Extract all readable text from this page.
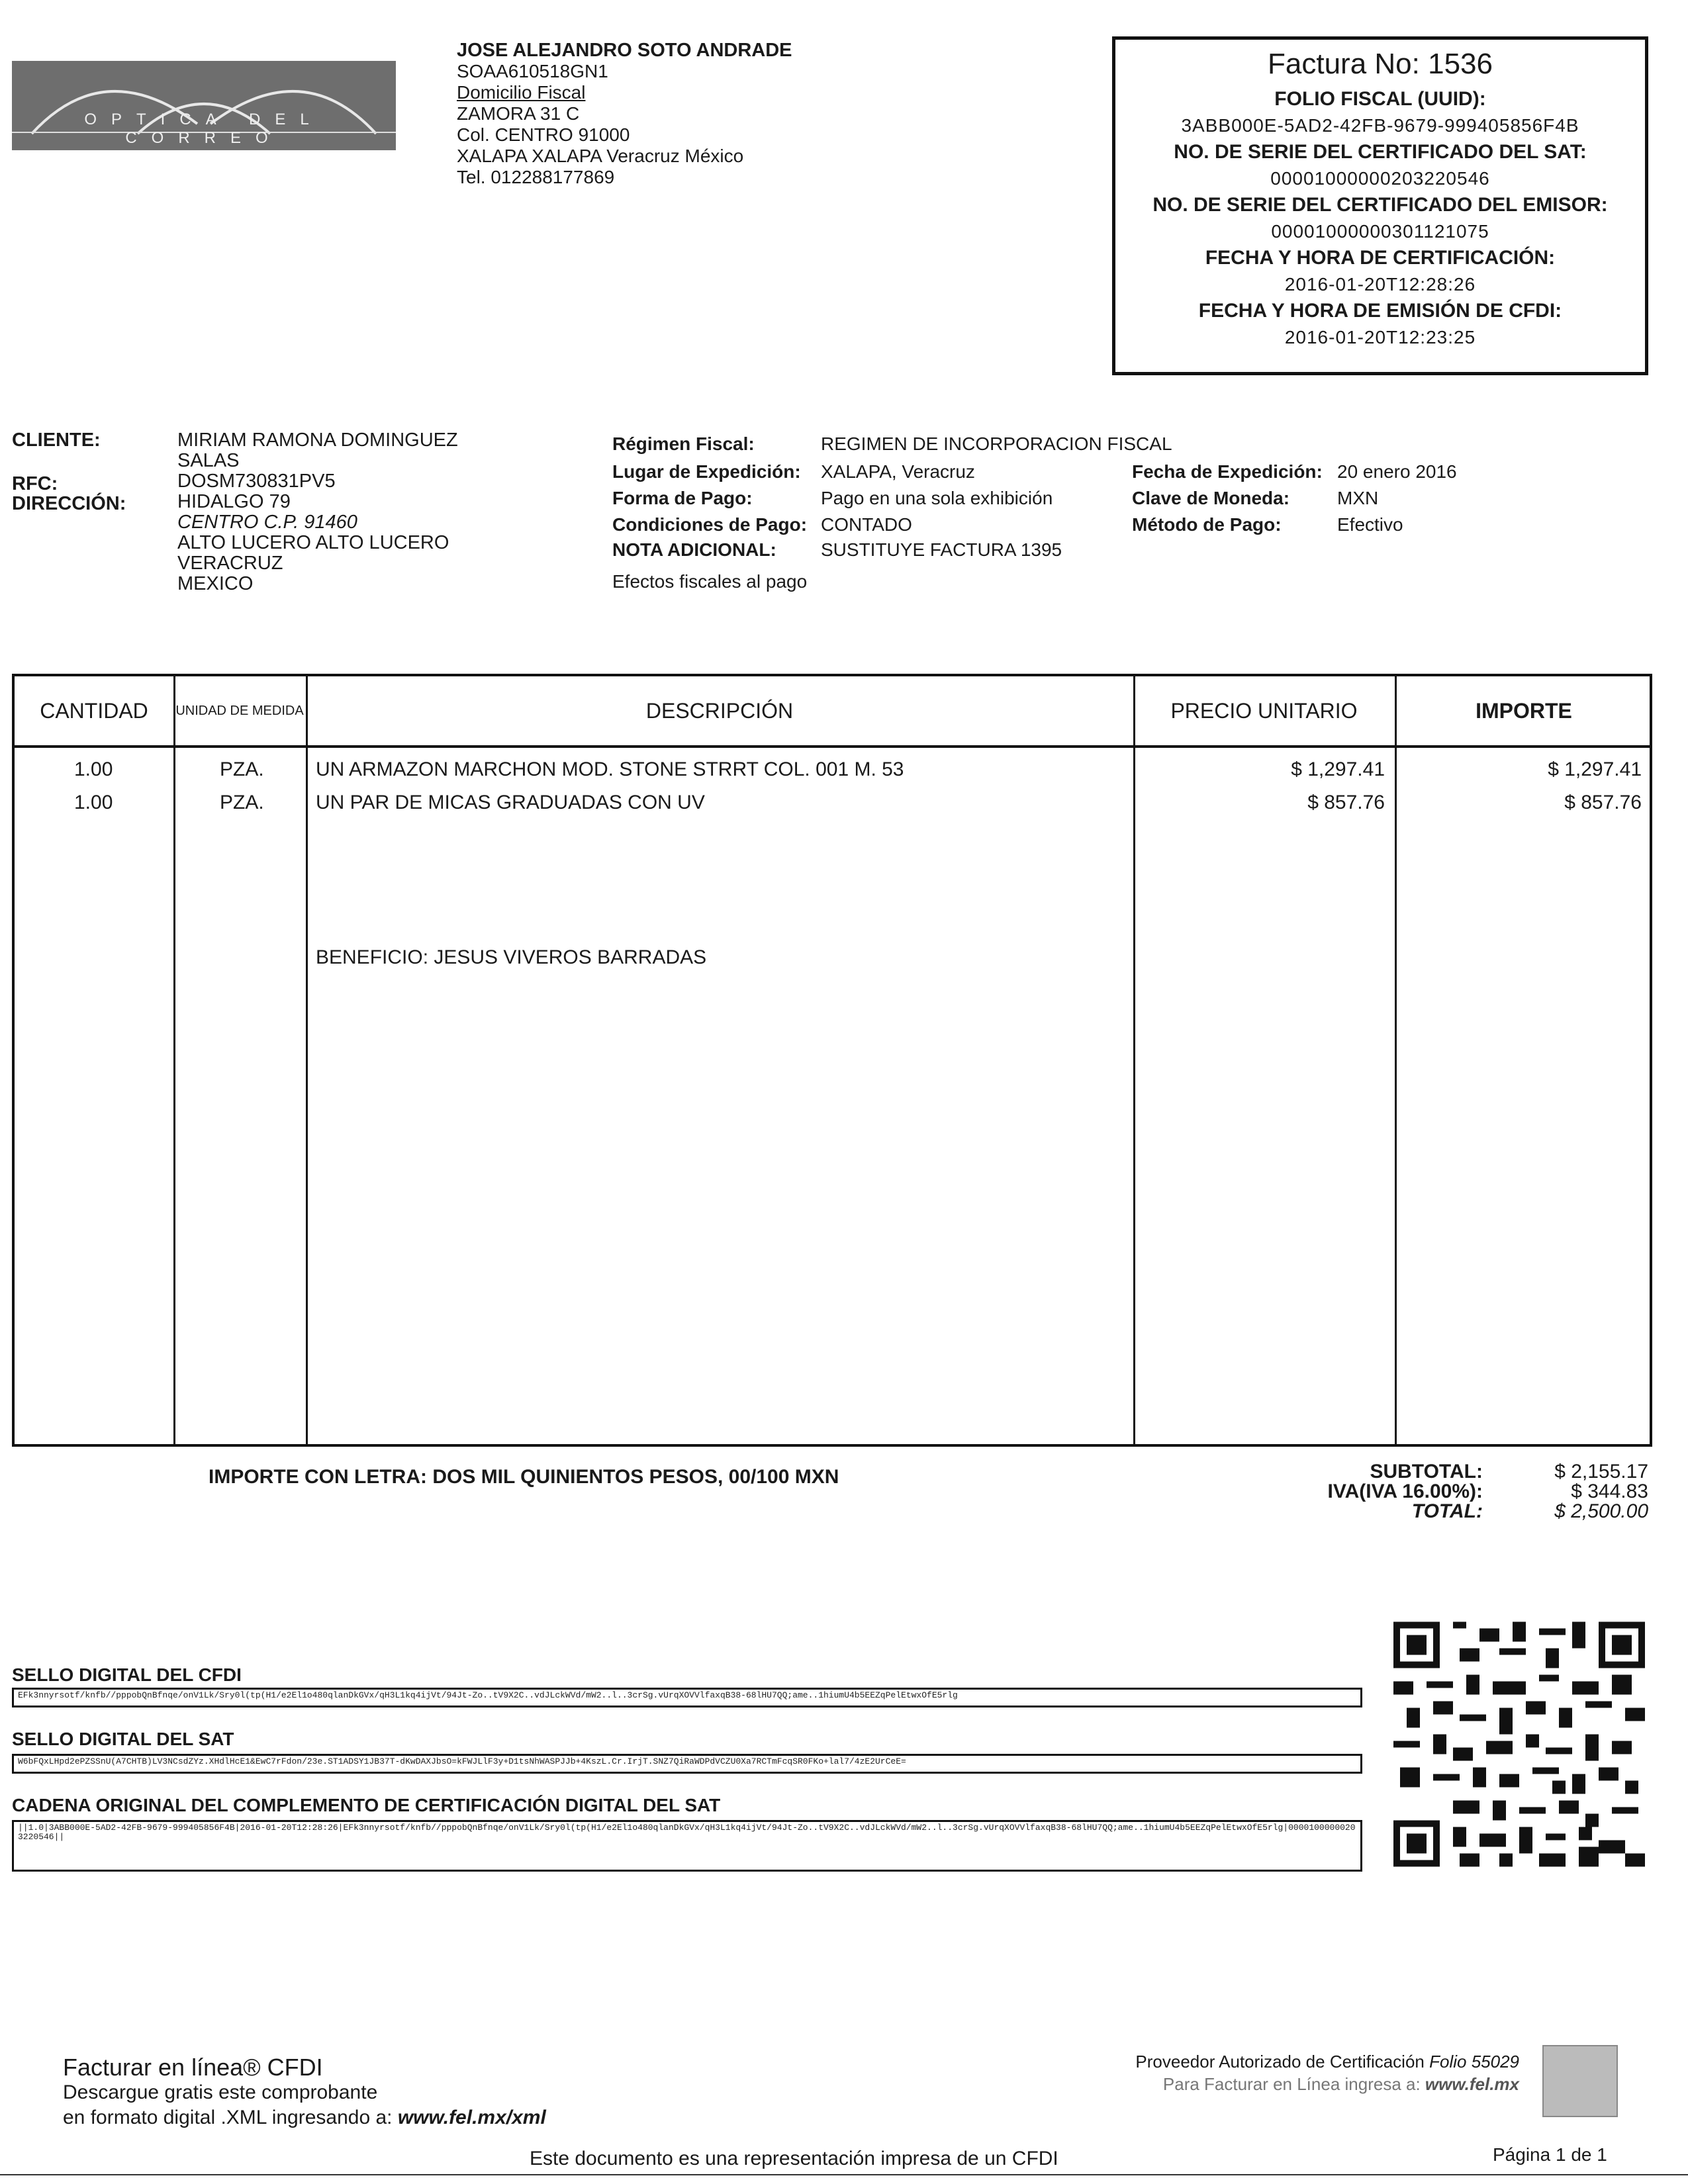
OPTICA DEL CORREO
JOSE ALEJANDRO SOTO ANDRADE
SOAA610518GN1
Domicilio Fiscal
ZAMORA 31 C
Col. CENTRO 91000
XALAPA XALAPA Veracruz México
Tel. 012288177869
Factura No: 1536
FOLIO FISCAL (UUID):
3ABB000E-5AD2-42FB-9679-999405856F4B
NO. DE SERIE DEL CERTIFICADO DEL SAT:
00001000000203220546
NO. DE SERIE DEL CERTIFICADO DEL EMISOR:
00001000000301121075
FECHA Y HORA DE CERTIFICACIÓN:
2016-01-20T12:28:26
FECHA Y HORA DE EMISIÓN DE CFDI:
2016-01-20T12:23:25
CLIENTE:	MIRIAM RAMONA DOMINGUEZ
SALAS
RFC:	DOSM730831PV5
DIRECCIÓN:	HIDALGO 79
CENTRO C.P. 91460
ALTO LUCERO ALTO LUCERO
VERACRUZ
MEXICO
Régimen Fiscal:	REGIMEN DE INCORPORACION FISCAL
Lugar de Expedición: XALAPA, Veracruz
Forma de Pago:	Pago en una sola exhibición
Condiciones de Pago: CONTADO
NOTA ADICIONAL: SUSTITUYE FACTURA 1395
Efectos fiscales al pago
Fecha de Expedición: 20 enero 2016
Clave de Moneda:	MXN
Método de Pago:	Efectivo
CANTIDAD	UNIDAD DE MEDIDA	DESCRIPCIÓN	PRECIO UNITARIO	IMPORTE
1.00	PZA.	UN ARMAZON MARCHON MOD. STONE STRRT COL. 001 M. 53	$ 1,297.41	$ 1,297.41
1.00	PZA.	UN PAR DE MICAS GRADUADAS CON UV	$ 857.76	$ 857.76
BENEFICIO: JESUS VIVEROS BARRADAS
IMPORTE CON LETRA: DOS MIL QUINIENTOS PESOS, 00/100 MXN	SUBTOTAL:	$ 2,155.17
IVA(IVA 16.00%):	$ 344.83
TOTAL:	$ 2,500.00
SELLO DIGITAL DEL CFDI
EFk3nnyrsotf/knfb//pppobQnBfnqe/onV1Lk/Sry0l(tp(H1/e2El1o480qlanDkGVx/qH3L1kq4ijVt/94Jt-Zo..tV9X2C..vdJLckWVd/mW2..l..3crSg.vUrqXOVVlfaxqB38-68lHU7QQ;ame..1hiumU4b5EEZqPelEtwxOfE5rlg
SELLO DIGITAL DEL SAT
W6bFQxLHpd2ePZSSnU(A7CHTB)LV3NCsdZYz.XHdlHcE1&EwC7rFdon/23e.ST1ADSY1JB37T-dKwDAXJbsO=kFWJLlF3y+D1tsNhWASPJJb+4KszL.Cr.IrjT.SNZ7QiRaWDPdVCZU0Xa7RCTmFcqSR0FKo+lal7/4zE2UrCeE=
CADENA ORIGINAL DEL COMPLEMENTO DE CERTIFICACIÓN DIGITAL DEL SAT
||1.0|3ABB000E-5AD2-42FB-9679-999405856F4B|2016-01-20T12:28:26|EFk3nnyrsotf/knfb//pppobQnBfnqe/onV1Lk/Sry0l(tp(H1/e2El1o480qlanDkGVx/qH3L1kq4ijVt/94Jt-Zo..tV9X2C..vdJLckWVd/mW2..l..3crSg.vUrqXOVVlfaxqB38-68lHU7QQ;ame..1hiumU4b5EEZqPelEtwxOfE5rlg|00001000000203220546||
Facturar en línea® CFDI
Descargue gratis este comprobante
en formato digital .XML ingresando a: www.fel.mx/xml
Proveedor Autorizado de Certificación Folio 55029
Para Facturar en Línea ingresa a: www.fel.mx
Este documento es una representación impresa de un CFDI	Página 1 de 1
